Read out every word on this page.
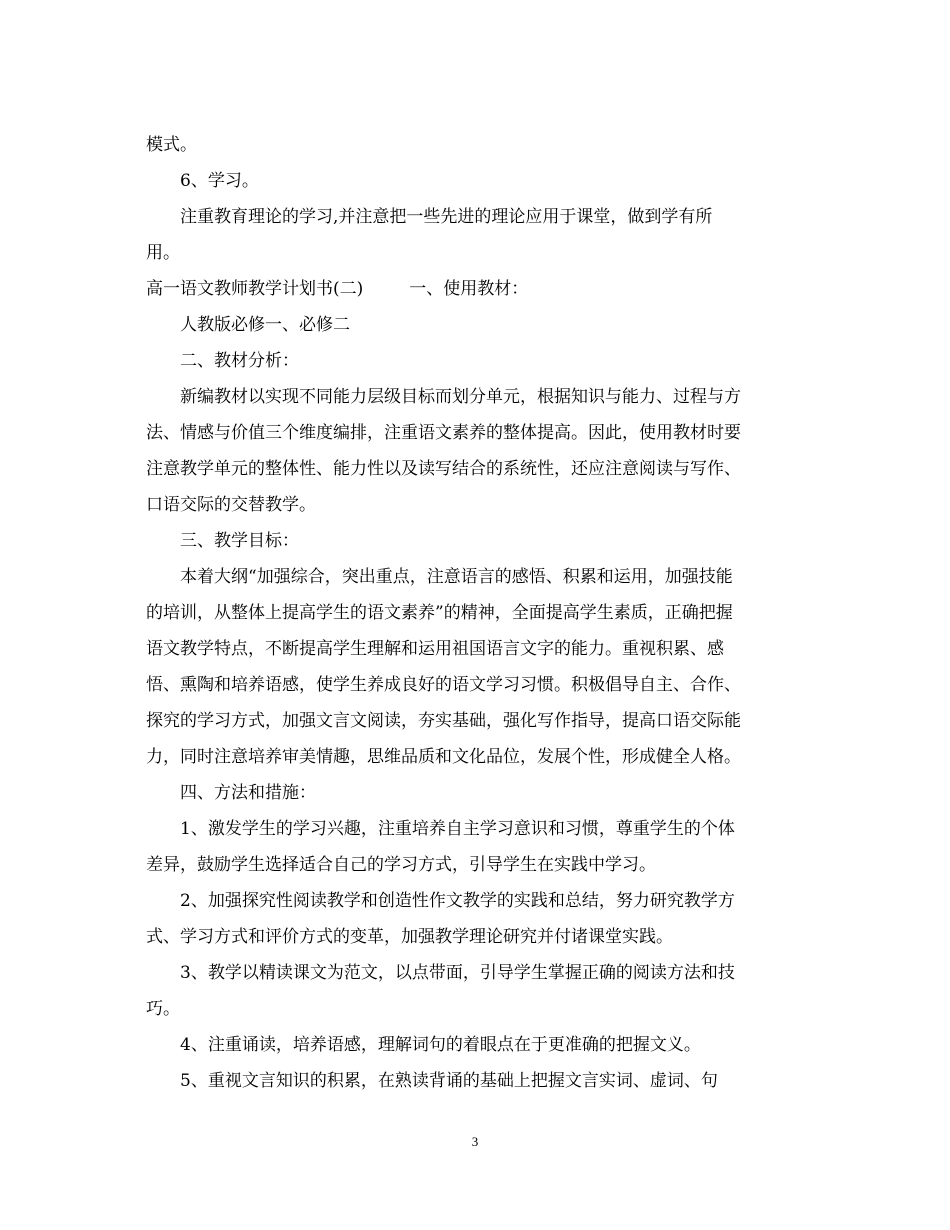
模式。
6、学习。
注重教育理论的学习,并注意把一些先进的理论应用于课堂，做到学有所
用。
高一语文教师教学计划书(二)	一、使用教材：
人教版必修一、必修二
二、教材分析：
新编教材以实现不同能力层级目标而划分单元，根据知识与能力、过程与方
法、情感与价值三个维度编排，注重语文素养的整体提高。因此，使用教材时要
注意教学单元的整体性、能力性以及读写结合的系统性，还应注意阅读与写作、
口语交际的交替教学。
三、教学目标：
本着大纲“加强综合，突出重点，注意语言的感悟、积累和运用，加强技能
的培训，从整体上提高学生的语文素养”的精神，全面提高学生素质，正确把握
语文教学特点，不断提高学生理解和运用祖国语言文字的能力。重视积累、感
悟、熏陶和培养语感，使学生养成良好的语文学习习惯。积极倡导自主、合作、
探究的学习方式，加强文言文阅读，夯实基础，强化写作指导，提高口语交际能
力，同时注意培养审美情趣，思维品质和文化品位，发展个性，形成健全人格。
四、方法和措施：
1、激发学生的学习兴趣，注重培养自主学习意识和习惯，尊重学生的个体
差异，鼓励学生选择适合自己的学习方式，引导学生在实践中学习。
2、加强探究性阅读教学和创造性作文教学的实践和总结，努力研究教学方
式、学习方式和评价方式的变革，加强教学理论研究并付诸课堂实践。
3、教学以精读课文为范文，以点带面，引导学生掌握正确的阅读方法和技
巧。
4、注重诵读，培养语感，理解词句的着眼点在于更准确的把握文义。
5、重视文言知识的积累，在熟读背诵的基础上把握文言实词、虚词、句
3
